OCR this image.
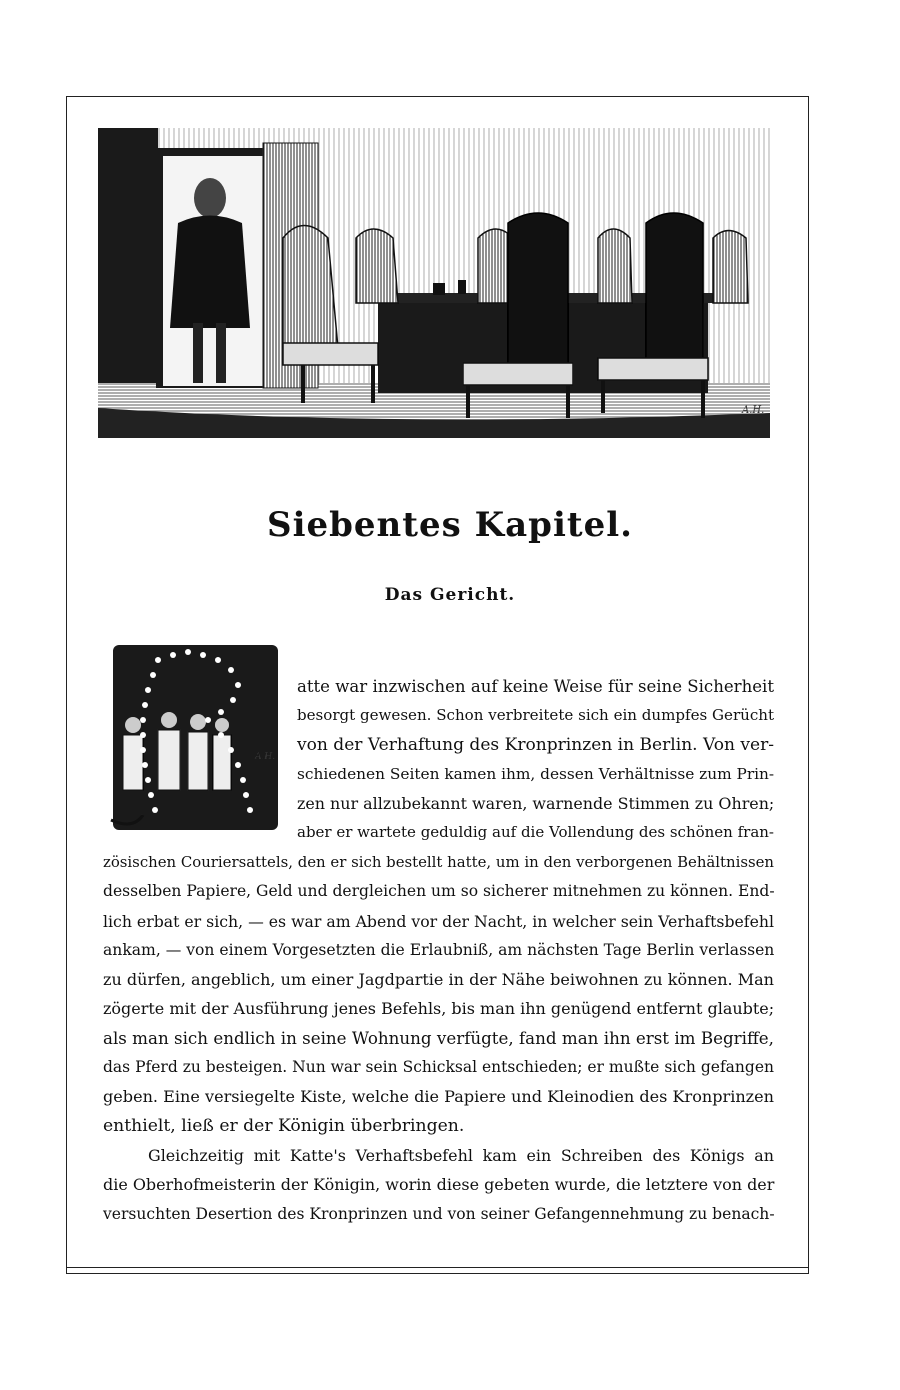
A.H.
Siebentes Kapitel.
Das Gericht.
A.H.
atte war inzwischen auf keine Weise für seine Sicherheit
besorgt gewesen. Schon verbreitete sich ein dumpfes Gerücht
von der Verhaftung des Kronprinzen in Berlin. Von ver-
schiedenen Seiten kamen ihm, dessen Verhältnisse zum Prin-
zen nur allzubekannt waren, warnende Stimmen zu Ohren;
aber er wartete geduldig auf die Vollendung des schönen fran-
zösischen Couriersattels, den er sich bestellt hatte, um in den verborgenen Behältnissen
desselben Papiere, Geld und dergleichen um so sicherer mitnehmen zu können. End-
lich erbat er sich, — es war am Abend vor der Nacht, in welcher sein Verhaftsbefehl
ankam, — von einem Vorgesetzten die Erlaubniß, am nächsten Tage Berlin verlassen
zu dürfen, angeblich, um einer Jagdpartie in der Nähe beiwohnen zu können. Man
zögerte mit der Ausführung jenes Befehls, bis man ihn genügend entfernt glaubte;
als man sich endlich in seine Wohnung verfügte, fand man ihn erst im Begriffe,
das Pferd zu besteigen. Nun war sein Schicksal entschieden; er mußte sich gefangen
geben. Eine versiegelte Kiste, welche die Papiere und Kleinodien des Kronprinzen
enthielt, ließ er der Königin überbringen.
Gleichzeitig mit Katte's Verhaftsbefehl kam ein Schreiben des Königs an
die Oberhofmeisterin der Königin, worin diese gebeten wurde, die letztere von der
versuchten Desertion des Kronprinzen und von seiner Gefangennehmung zu benach-
